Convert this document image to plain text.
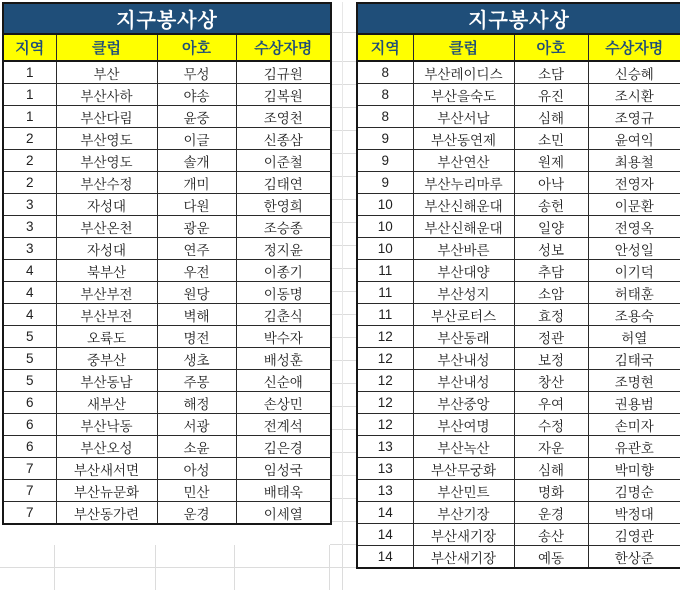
지구봉사상			
지역	클럽	아호	수상자명
1	부산	무성	김규원
1	부산사하	야송	김복원
1	부산다림	윤중	조영천
2	부산영도	이글	신종삼
2	부산영도	솔개	이준철
2	부산수정	개미	김태연
3	자성대	다원	한영희
3	부산온천	광운	조승종
3	자성대	연주	정지윤
4	북부산	우전	이종기
4	부산부전	원당	이동명
4	부산부전	벽해	김춘식
5	오륙도	명전	박수자
5	중부산	생초	배성훈
5	부산동남	주몽	신순애
6	새부산	해정	손상민
6	부산낙동	서광	전계석
6	부산오성	소윤	김은경
7	부산새서면	아성	임성국
7	부산뉴문화	민산	배태욱
7	부산동가련	운경	이세열
지구봉사상			
지역	클럽	아호	수상자명
8	부산레이디스	소담	신승혜
8	부산을숙도	유진	조시환
8	부산서남	심해	조영규
9	부산동연제	소민	윤여익
9	부산연산	원제	최용철
9	부산누리마루	아낙	전영자
10	부산신해운대	송헌	이문환
10	부산신해운대	일양	전영옥
10	부산바른	성보	안성일
11	부산대양	추담	이기덕
11	부산성지	소암	허태훈
11	부산로터스	효정	조용숙
12	부산동래	정관	허열
12	부산내성	보정	김태국
12	부산내성	창산	조명현
12	부산중앙	우여	권용범
12	부산여명	수정	손미자
13	부산녹산	자운	유관호
13	부산무궁화	심해	박미향
13	부산민트	명화	김명순
14	부산기장	운경	박정대
14	부산새기장	송산	김영관
14	부산새기장	예동	한상준
